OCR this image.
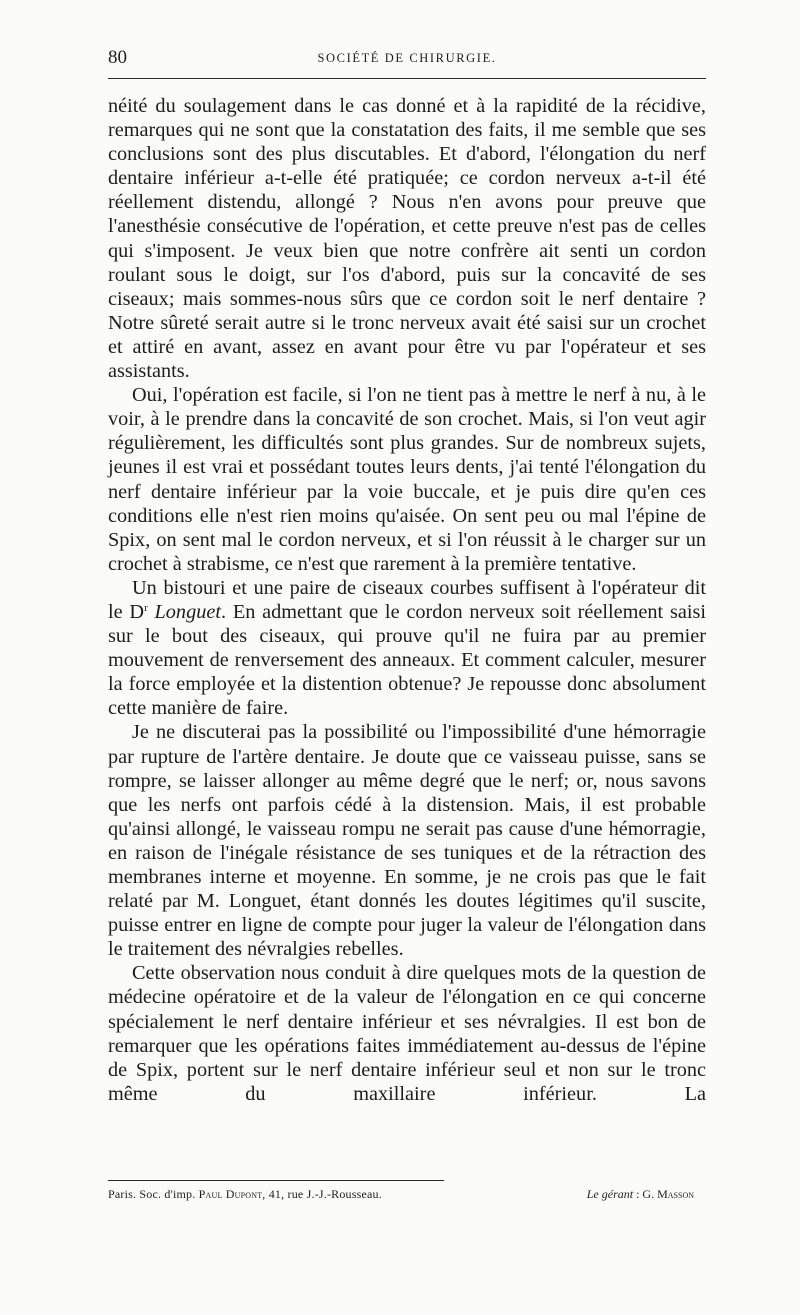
80	SOCIÉTÉ DE CHIRURGIE.

néité du soulagement dans le cas donné et à la rapidité de la récidive, remarques qui ne sont que la constatation des faits, il me semble que ses conclusions sont des plus discutables. Et d'abord, l'élongation du nerf dentaire inférieur a-t-elle été pratiquée; ce cordon nerveux a-t-il été réellement distendu, allongé ? Nous n'en avons pour preuve que l'anesthésie consécutive de l'opération, et cette preuve n'est pas de celles qui s'imposent. Je veux bien que notre confrère ait senti un cordon roulant sous le doigt, sur l'os d'abord, puis sur la concavité de ses ciseaux; mais sommes-nous sûrs que ce cordon soit le nerf dentaire ? Notre sûreté serait autre si le tronc nerveux avait été saisi sur un crochet et attiré en avant, assez en avant pour être vu par l'opérateur et ses assistants.

Oui, l'opération est facile, si l'on ne tient pas à mettre le nerf à nu, à le voir, à le prendre dans la concavité de son crochet. Mais, si l'on veut agir régulièrement, les difficultés sont plus grandes. Sur de nombreux sujets, jeunes il est vrai et possédant toutes leurs dents, j'ai tenté l'élongation du nerf dentaire inférieur par la voie buccale, et je puis dire qu'en ces conditions elle n'est rien moins qu'aisée. On sent peu ou mal l'épine de Spix, on sent mal le cordon nerveux, et si l'on réussit à le charger sur un crochet à strabisme, ce n'est que rarement à la première tentative.

Un bistouri et une paire de ciseaux courbes suffisent à l'opérateur dit le $D^r$ Longuet. En admettant que le cordon nerveux soit réellement saisi sur le bout des ciseaux, qui prouve qu'il ne fuira par au premier mouvement de renversement des anneaux. Et comment calculer, mesurer la force employée et la distention obtenue? Je repousse donc absolument cette manière de faire.

Je ne discuterai pas la possibilité ou l'impossibilité d'une hémorragie par rupture de l'artère dentaire. Je doute que ce vaisseau puisse, sans se rompre, se laisser allonger au même degré que le nerf; or, nous savons que les nerfs ont parfois cédé à la distension. Mais, il est probable qu'ainsi allongé, le vaisseau rompu ne serait pas cause d'une hémorragie, en raison de l'inégale résistance de ses tuniques et de la rétraction des membranes interne et moyenne. En somme, je ne crois pas que le fait relaté par M. Longuet, étant donnés les doutes légitimes qu'il suscite, puisse entrer en ligne de compte pour juger la valeur de l'élongation dans le traitement des névralgies rebelles.

Cette observation nous conduit à dire quelques mots de la question de médecine opératoire et de la valeur de l'élongation en ce qui concerne spécialement le nerf dentaire inférieur et ses névralgies. Il est bon de remarquer que les opérations faites immédiatement au-dessus de l'épine de Spix, portent sur le nerf dentaire inférieur seul et non sur le tronc même du maxillaire inférieur. La

Paris. Soc. d'imp. Paul Dupont, 41, rue J.-J.-Rousseau.	Le gérant : G. Masson
